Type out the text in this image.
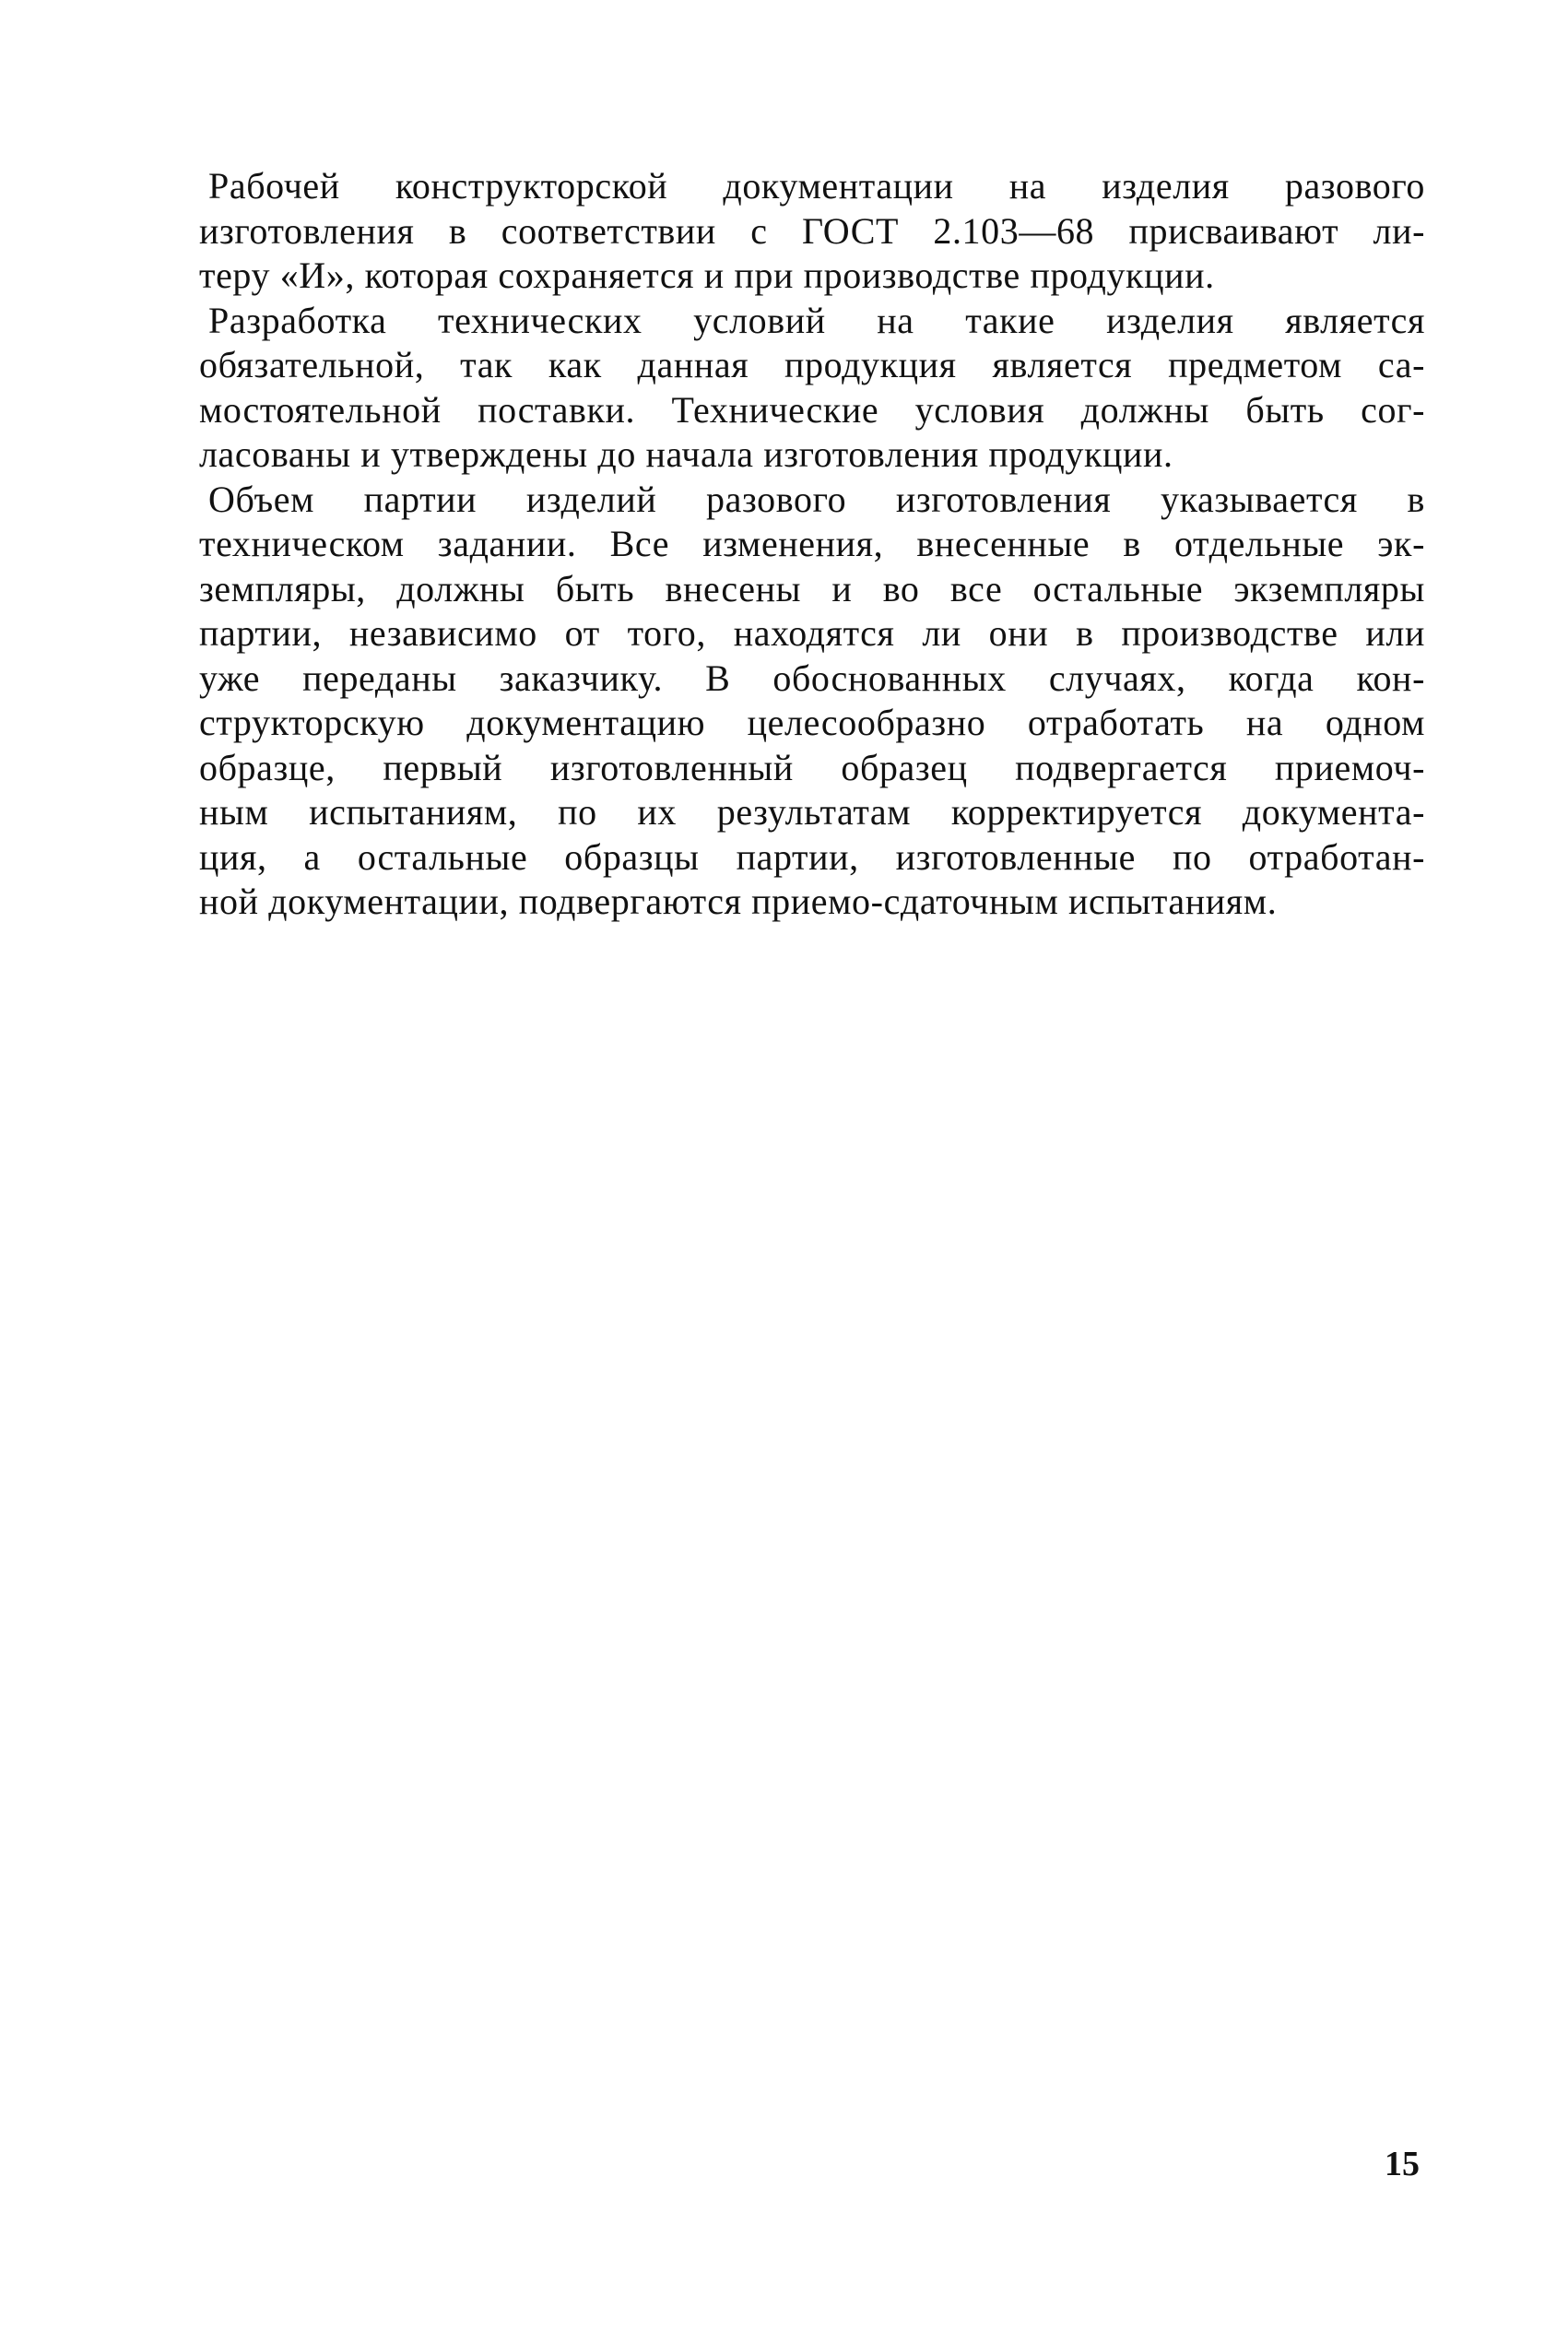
Рабочей конструкторской документации на изделия разового
изготовления в соответствии с ГОСТ 2.103—68 присваивают ли-
теру «И», которая сохраняется и при производстве продукции.

Разработка технических условий на такие изделия является
обязательной, так как данная продукция является предметом са-
мостоятельной поставки. Технические условия должны быть сог-
ласованы и утверждены до начала изготовления продукции.

Объем партии изделий разового изготовления указывается в
техническом задании. Все изменения, внесенные в отдельные эк-
земпляры, должны быть внесены и во все остальные экземпляры
партии, независимо от того, находятся ли они в производстве или
уже переданы заказчику. В обоснованных случаях, когда кон-
структорскую документацию целесообразно отработать на одном
образце, первый изготовленный образец подвергается приемоч-
ным испытаниям, по их результатам корректируется документа-
ция, а остальные образцы партии, изготовленные по отработан-
ной документации, подвергаются приемо-сдаточным испытаниям.

15
